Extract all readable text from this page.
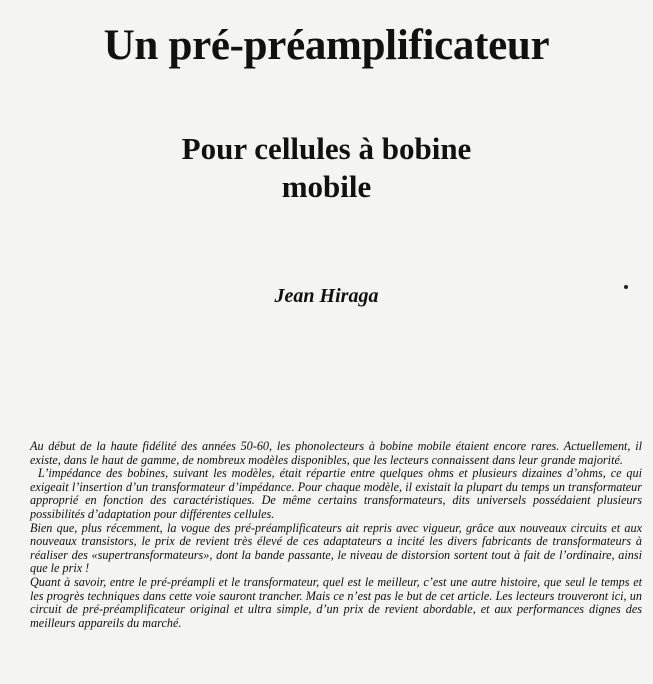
Un pré-préamplificateur
Pour cellules à bobine
mobile
Jean Hiraga

Au début de la haute fidélité des années 50-60, les phonolecteurs à bobine mobile étaient encore rares. Actuellement, il existe, dans le haut de gamme, de nombreux modèles disponibles, que les lecteurs connaissent dans leur grande majorité.

L’impédance des bobines, suivant les modèles, était répartie entre quelques ohms et plusieurs dizaines d’ohms, ce qui exigeait l’insertion d’un transformateur d’impédance. Pour chaque modèle, il existait la plupart du temps un transformateur approprié en fonction des caractéristiques. De même certains transformateurs, dits universels possédaient plusieurs possibilités d’adaptation pour différentes cellules.

Bien que, plus récemment, la vogue des pré-préamplificateurs ait repris avec vigueur, grâce aux nouveaux circuits et aux nouveaux transistors, le prix de revient très élevé de ces adaptateurs a incité les divers fabricants de transformateurs à réaliser des «supertransformateurs», dont la bande passante, le niveau de distorsion sortent tout à fait de l’ordinaire, ainsi que le prix !

Quant à savoir, entre le pré-préampli et le transformateur, quel est le meilleur, c’est une autre histoire, que seul le temps et les progrès techniques dans cette voie sauront trancher. Mais ce n’est pas le but de cet article. Les lecteurs trouveront ici, un circuit de pré-préamplificateur original et ultra simple, d’un prix de revient abordable, et aux performances dignes des meilleurs appareils du marché.
